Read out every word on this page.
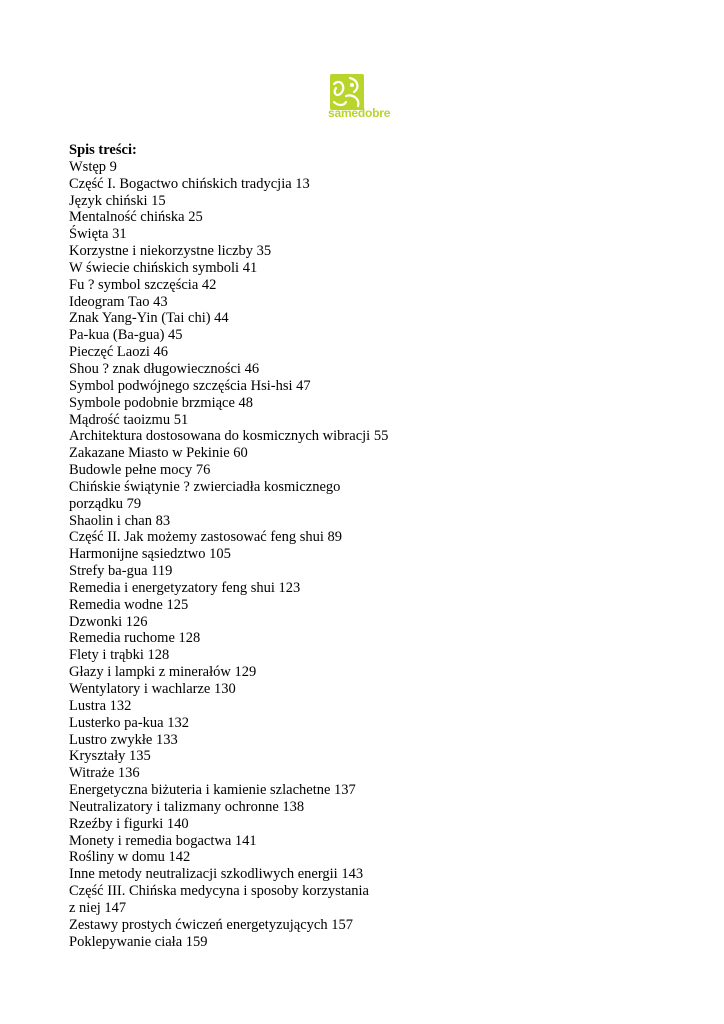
samedobre
Spis treści:
Wstęp 9
Część I. Bogactwo chińskich tradycjia 13
Język chiński 15
Mentalność chińska 25
Święta 31
Korzystne i niekorzystne liczby 35
W świecie chińskich symboli 41
Fu ? symbol szczęścia 42
Ideogram Tao 43
Znak Yang-Yin (Tai chi) 44
Pa-kua (Ba-gua) 45
Pieczęć Laozi 46
Shou ? znak długowieczności 46
Symbol podwójnego szczęścia Hsi-hsi 47
Symbole podobnie brzmiące 48
Mądrość taoizmu 51
Architektura dostosowana do kosmicznych wibracji 55
Zakazane Miasto w Pekinie 60
Budowle pełne mocy 76
Chińskie świątynie ? zwierciadła kosmicznego
porządku 79
Shaolin i chan 83
Część II. Jak możemy zastosować feng shui 89
Harmonijne sąsiedztwo 105
Strefy ba-gua 119
Remedia i energetyzatory feng shui 123
Remedia wodne 125
Dzwonki 126
Remedia ruchome 128
Flety i trąbki 128
Głazy i lampki z minerałów 129
Wentylatory i wachlarze 130
Lustra 132
Lusterko pa-kua 132
Lustro zwykłe 133
Kryształy 135
Witraże 136
Energetyczna biżuteria i kamienie szlachetne 137
Neutralizatory i talizmany ochronne 138
Rzeźby i figurki 140
Monety i remedia bogactwa 141
Rośliny w domu 142
Inne metody neutralizacji szkodliwych energii 143
Część III. Chińska medycyna i sposoby korzystania
z niej 147
Zestawy prostych ćwiczeń energetyzujących 157
Poklepywanie ciała 159
